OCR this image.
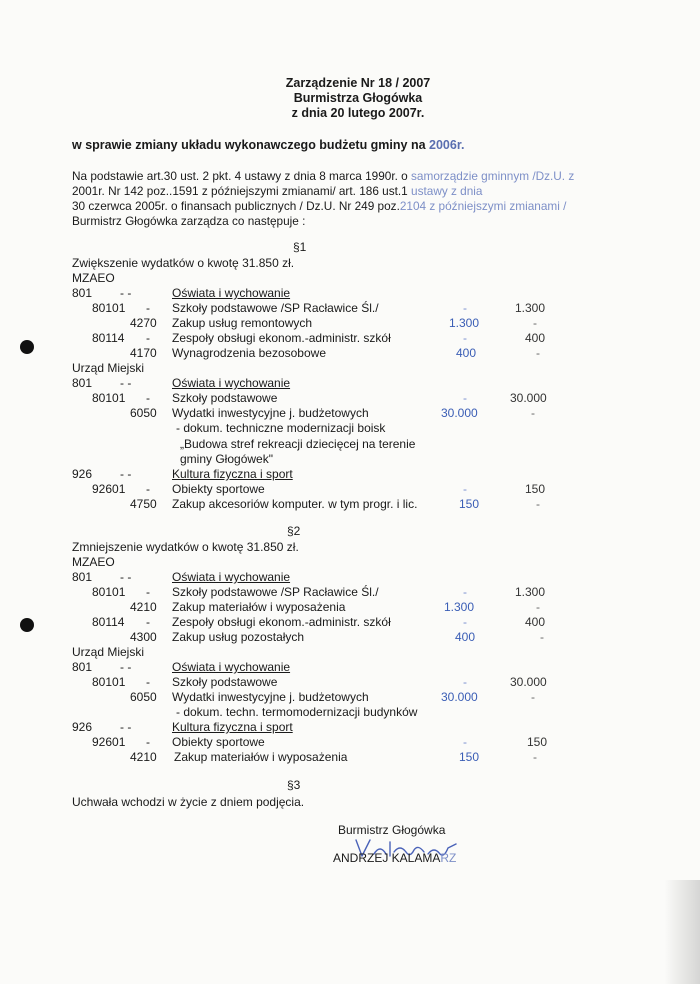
Zarządzenie Nr 18 / 2007
Burmistrza Głogówka
z dnia 20 lutego 2007r.
w sprawie zmiany układu wykonawczego budżetu gminy na 2006r.
Na podstawie art.30 ust. 2 pkt. 4 ustawy z dnia 8 marca 1990r. o samorządzie gminnym /Dz.U. z
2001r. Nr 142 poz..1591 z późniejszymi zmianami/ art. 186 ust.1 ustawy z dnia
30 czerwca 2005r. o finansach publicznych / Dz.U. Nr 249 poz.2104 z późniejszymi zmianami /
Burmistrz Głogówka zarządza co następuje :
§1
Zwiększenie wydatków o kwotę 31.850 zł.
MZAEO
801 - -	Oświata i wychowanie
80101 - Szkoły podstawowe /SP Racławice Śl./	-	1.300
4270 Zakup usług remontowych	1.300	-
80114 - Zespoły obsługi ekonom.-administr. szkół	-	400
4170 Wynagrodzenia bezosobowe	400	-
Urząd Miejski
801 - -	Oświata i wychowanie
80101 - Szkoły podstawowe	-	30.000
6050 Wydatki inwestycyjne j. budżetowych	30.000	-
- dokum. techniczne modernizacji boisk
„Budowa stref rekreacji dziecięcej na terenie
gminy Głogówek"
926 - -	Kultura fizyczna i sport
92601 - Obiekty sportowe	-	150
4750 Zakup akcesoriów komputer. w tym progr. i lic.	150	-
§2
Zmniejszenie wydatków o kwotę 31.850 zł.
MZAEO
801 - -	Oświata i wychowanie
80101 - Szkoły podstawowe /SP Racławice Śl./	-	1.300
4210 Zakup materiałów i wyposażenia	1.300	-
80114 - Zespoły obsługi ekonom.-administr. szkół	-	400
4300 Zakup usług pozostałych	400	-
Urząd Miejski
801 - -	Oświata i wychowanie
80101 - Szkoły podstawowe	-	30.000
6050 Wydatki inwestycyjne j. budżetowych	30.000	-
- dokum. techn. termomodernizacji budynków
926 - -	Kultura fizyczna i sport
92601 - Obiekty sportowe	-	150
4210 Zakup materiałów i wyposażenia	150	-
§3
Uchwała wchodzi w życie z dniem podjęcia.
Burmistrz Głogówka
ANDRZEJ KALAMARZ
